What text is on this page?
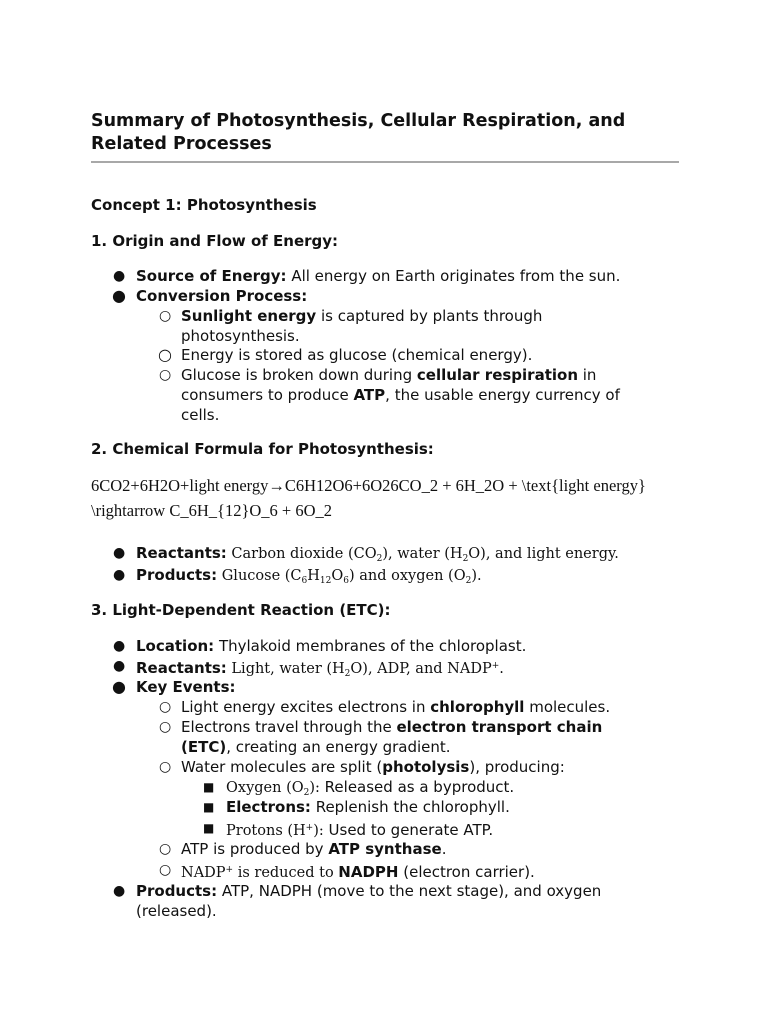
Summary of Photosynthesis, Cellular Respiration, and Related Processes
Concept 1: Photosynthesis
1. Origin and Flow of Energy:
● Source of Energy: All energy on Earth originates from the sun.
● Conversion Process:
○ Sunlight energy is captured by plants through
photosynthesis.
○ Energy is stored as glucose (chemical energy).
○ Glucose is broken down during cellular respiration in
consumers to produce ATP, the usable energy currency of
cells.
2. Chemical Formula for Photosynthesis:
6CO2+6H2O+light energy→C6H12O6+6O26CO_2 + 6H_2O + \text{light energy}
\rightarrow C_6H_{12}O_6 + 6O_2
● Reactants: Carbon dioxide $(CO_2)$, water $(H_2O)$, and light energy.
● Products: Glucose $(C_6H_{12}O_6)$ and oxygen $(O_2)$.
3. Light-Dependent Reaction (ETC):
● Location: Thylakoid membranes of the chloroplast.
● Reactants: Light, water $(H_2O)$, ADP, and NADP+.
● Key Events:
○ Light energy excites electrons in chlorophyll molecules.
○ Electrons travel through the electron transport chain
(ETC), creating an energy gradient.
○ Water molecules are split (photolysis), producing:
■ Oxygen $(O_2)$: Released as a byproduct.
■ Electrons: Replenish the chlorophyll.
■ Protons (H+): Used to generate ATP.
○ ATP is produced by ATP synthase.
○ NADP+ is reduced to NADPH (electron carrier).
● Products: ATP, NADPH (move to the next stage), and oxygen
(released).
